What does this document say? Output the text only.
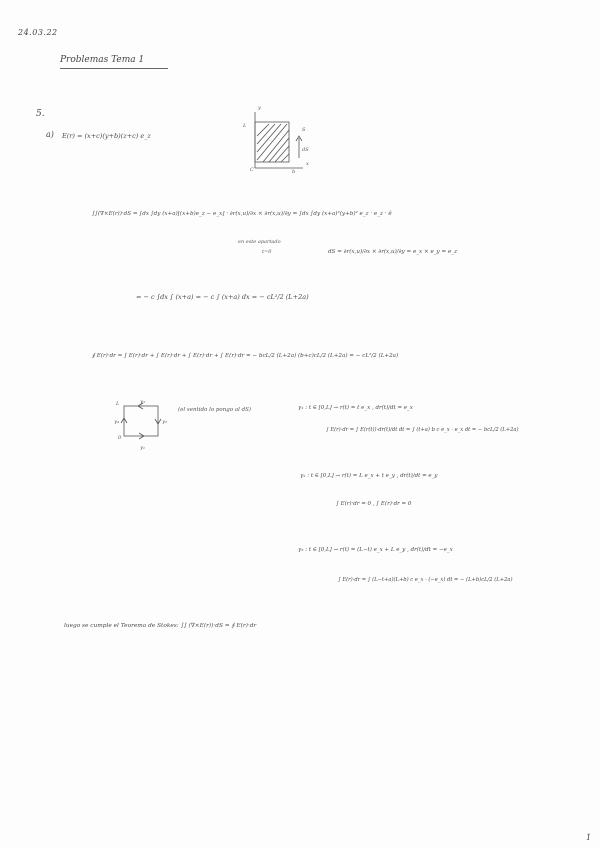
24.03.22
Problemas Tema 1
5.
a) E(r) = (x+c)(y+b)(z+c) e_z
L
S
dS
x
C	b
y
∫∫(∇×E(r))·dS = ∫dx ∫dy (x+a)[(x+b)e_z − e_x] · ∂r(x,u)/∂x × ∂r(x,u)/∂y = ∫dx ∫dy (x+a)²(y+b)² e_z · e_z · ê
en este apartado
t=0	dS = ∂r(x,u)/∂x × ∂r(x,u)/∂y = e_x × e_y = e_z
= − c ∫dx ∫ (x+a) = − c ∫ (x+a) dx = − cL²/2 (L+2a)
∮ E(r)·dr = ∫ E(r)·dr + ∫ E(r)·dr + ∫ E(r)·dr + ∫ E(r)·dr = − bcL/2 (L+2a) (b+c)cL/2 (L+2a) = − cL²/2 (L+2a)
L
0
γ₃
γ₄	γ₂
γ₁
(el sentido lo pongo al dS)	γ₁ : t ∈ [0,L] → r(t) = t e_x , dr(t)/dt = e_x
∫ E(r)·dr = ∫ E(r(t))·dr(t)/dt dt = ∫ (t+a) b c e_x · e_x dt = − bcL/2 (L+2a)
γ₂ : t ∈ [0,L] → r(t) = L e_x + t e_y , dr(t)/dt = e_y
∫ E(r)·dr = 0 , ∫ E(r)·dr = 0
γ₃ : t ∈ [0,L] → r(t) = (L−t) e_x + L e_y , dr(t)/dt = −e_x
∫ E(r)·dr = ∫ (L−t+a)(L+b) c e_x · (−e_x) dt = − (L+b)cL/2 (L+2a)
luego se cumple el Teorema de Stokes: ∫∫ (∇×E(r))·dS = ∮ E(r)·dr
1
